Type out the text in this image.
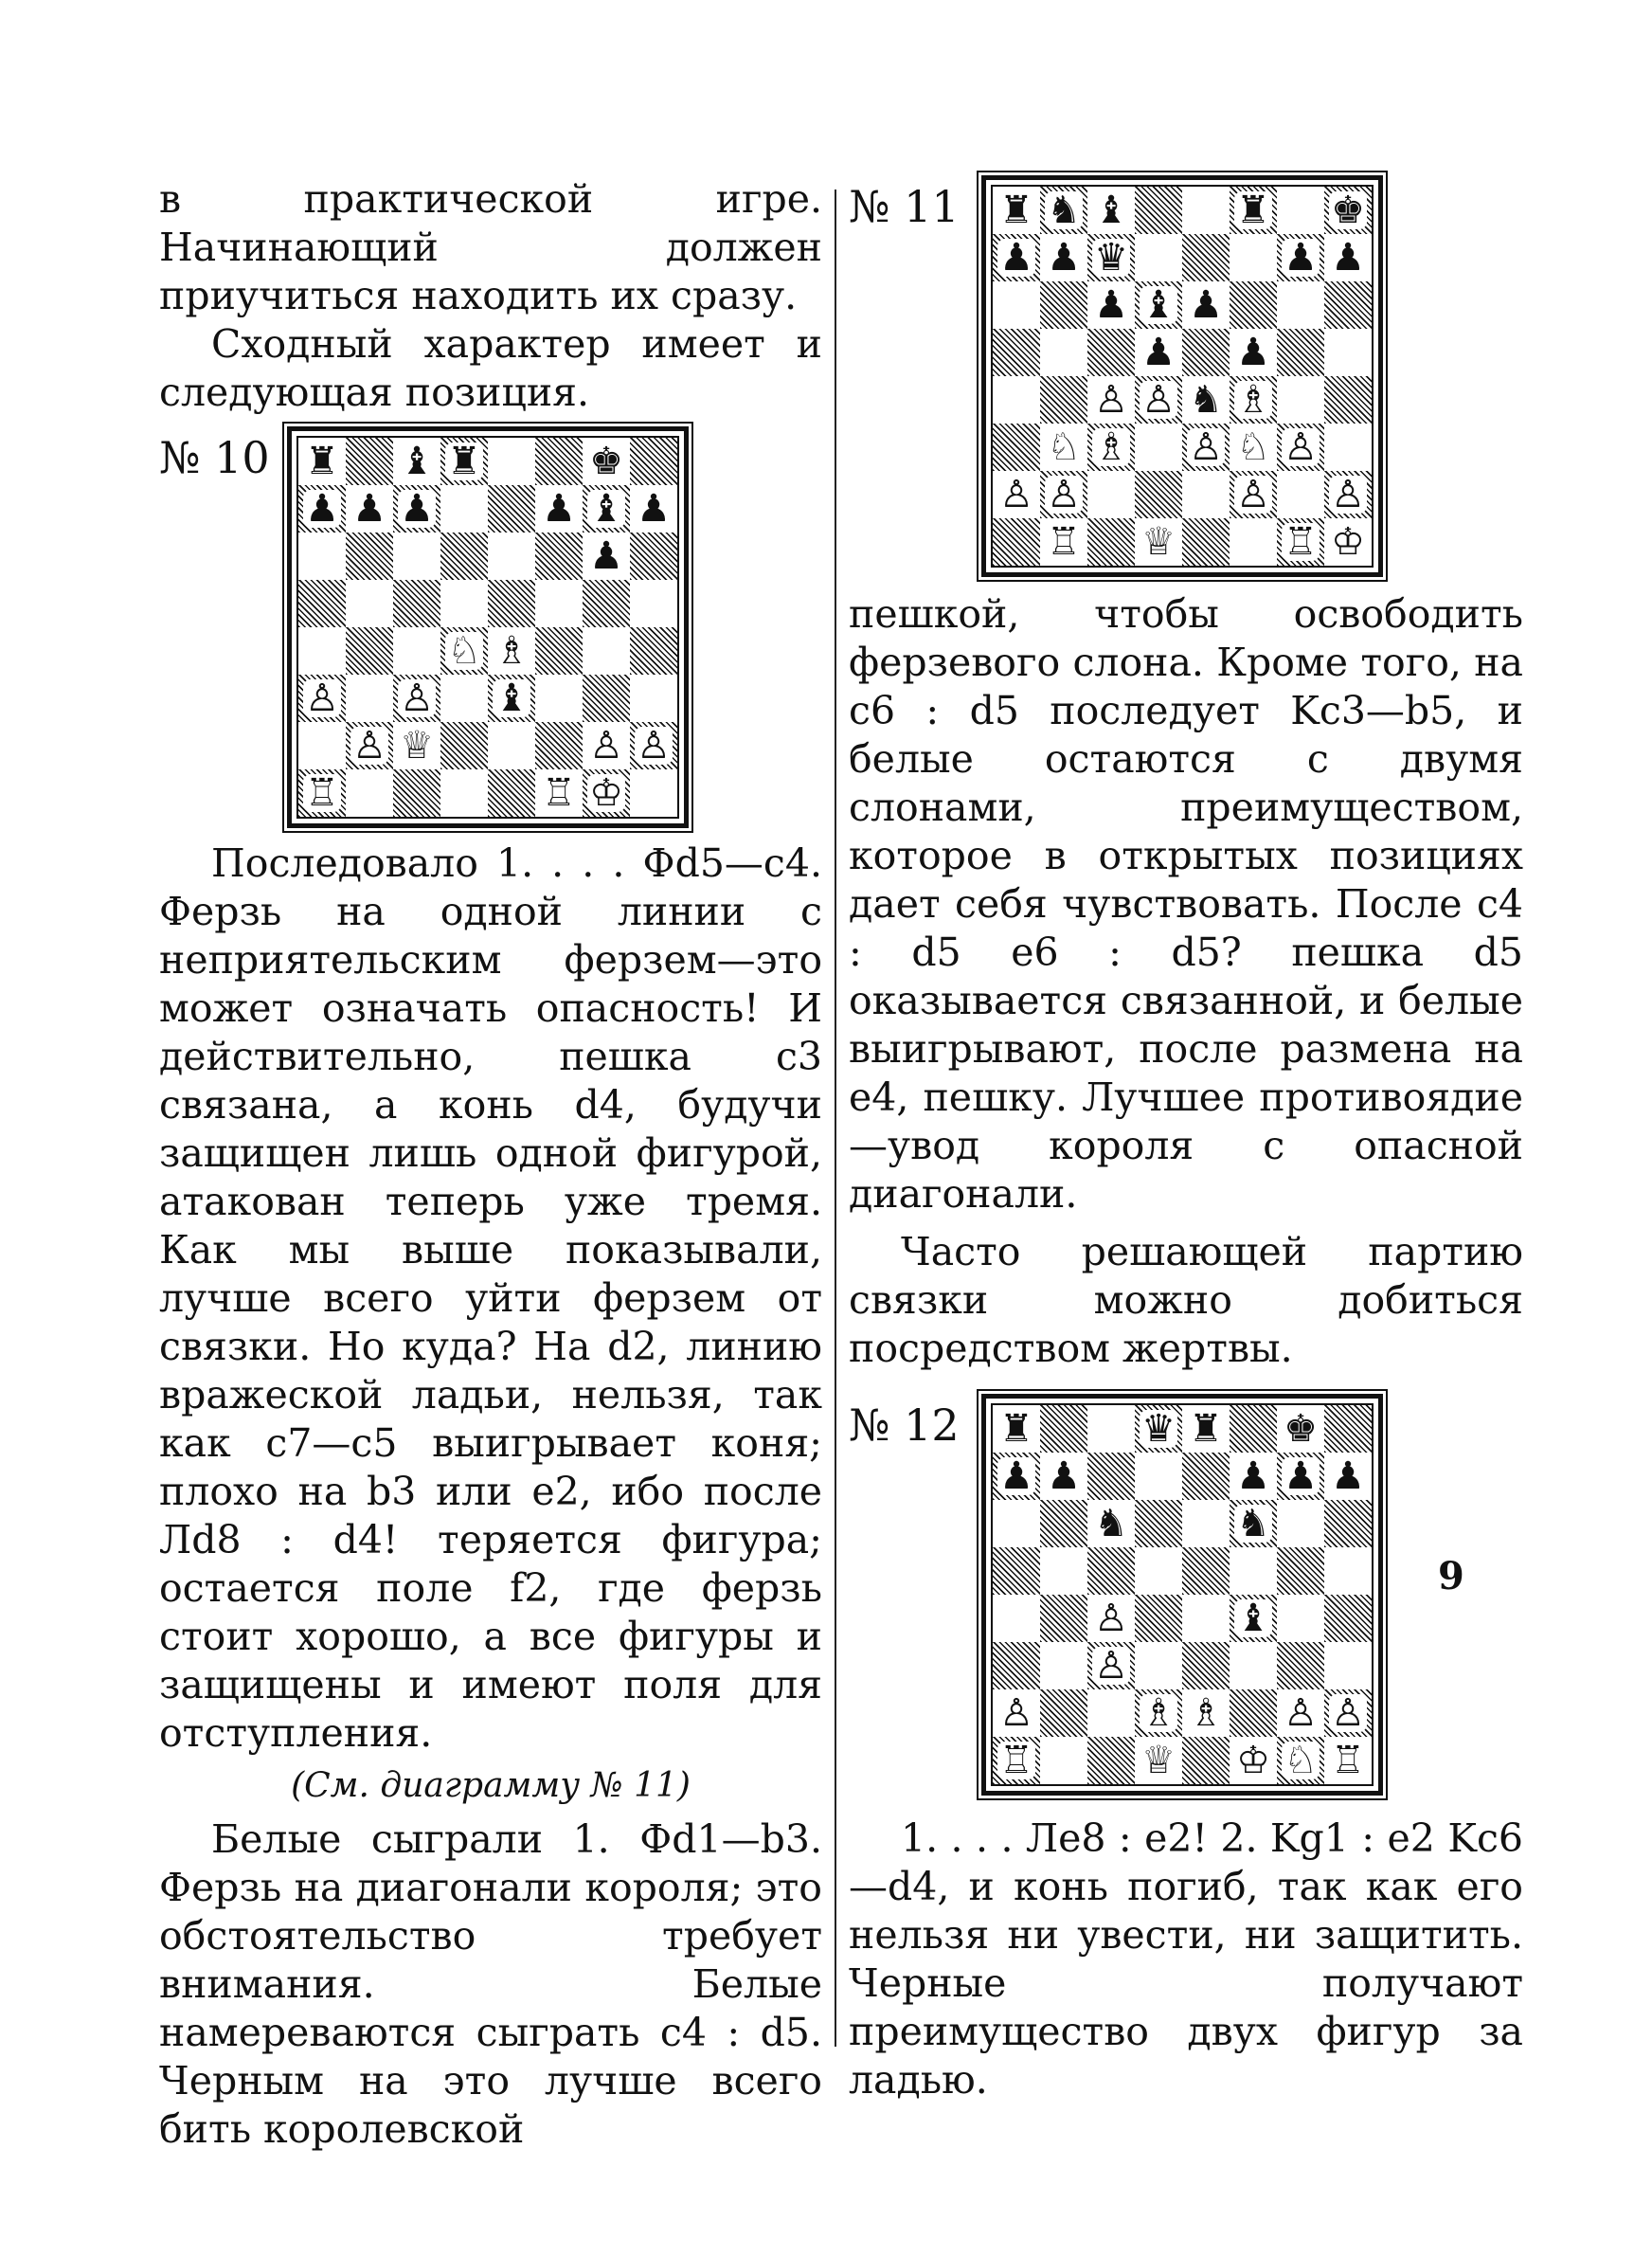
в практической игре. Начинающий должен приучиться находить их сразу.

Сходный характер имеет и следующая позиция.

№ 10 ♜ ♝ ♜	♚
♟ ♟ ♟	♟ ♝ ♟
♟
♘ ♗
♙ ♙ ♝
♙ ♕	♙ ♙
♖	♖ ♔

Последовало 1. . . . Фd5—c4. Ферзь на одной линии с неприятельским ферзем—это может означать опасность! И действительно, пешка c3 связана, а конь d4, будучи защищен лишь одной фигурой, атакован теперь уже тремя. Как мы выше показывали, лучше всего уйти ферзем от связки. Но куда? На d2, линию вражеской ладьи, нельзя, так как c7—c5 выигрывает коня; плохо на b3 или e2, ибо после Лd8 : d4! теряется фигура; остается поле f2, где ферзь стоит хорошо, а все фигуры и защищены и имеют поля для отступления.

(См. диаграмму № 11)

Белые сыграли 1. Фd1—b3. Ферзь на диагонали короля; это обстоятельство требует внимания. Белые намереваются сыграть c4 : d5. Черным на это лучше всего бить королевской

№ 11	♜ ♞ ♝	♜ ♚
♟ ♟ ♛	♟ ♟
♟ ♝ ♟
♟ ♟
♙ ♙ ♞ ♗
♘ ♗ ♙ ♘ ♙
♙ ♙	♙ ♙
♖ ♕	♖ ♔

пешкой, чтобы освободить ферзевого слона. Кроме того, на c6 : d5 последует Kc3—b5, и белые остаются с двумя слонами, преимуществом, которое в открытых позициях дает себя чувствовать. После c4 : d5 e6 : d5? пешка d5 оказывается связанной, и белые выигрывают, после размена на e4, пешку. Лучшее противоядие—увод короля с опасной диагонали.

Часто решающей партию связки можно добиться посредством жертвы.

№ 12	♜	♛ ♜ ♚
♟ ♟	♟ ♟ ♟
♞	♞
♙	♝
♙
♙	♗ ♗ ♙ ♙
♖	♕ ♔ ♘ ♖

1. . . . Лe8 : e2! 2. Kg1 : e2 Kc6—d4, и конь погиб, так как его нельзя ни увести, ни защитить. Черные получают преимущество двух фигур за ладью.

9
